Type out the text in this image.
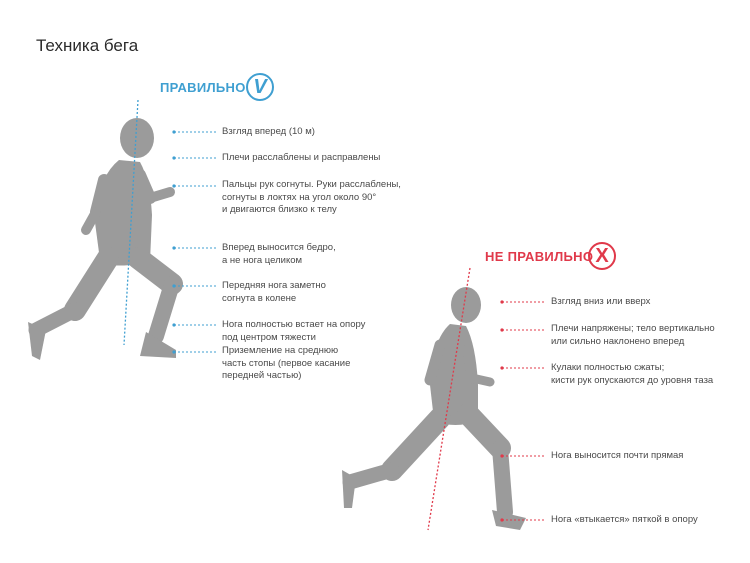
Техника бега
ПРАВИЛЬНО V
НЕ ПРАВИЛЬНО X
Взгляд вперед (10 м)
Плечи расслаблены и расправлены
Пальцы рук согнуты. Руки расслаблены,
согнуты в локтях на угол около 90°
и двигаются близко к телу
Вперед выносится бедро,
а не нога целиком
Передняя нога заметно
согнута в колене
Нога полностью встает на опору
под центром тяжести
Приземление на среднюю
часть стопы (первое касание
передней частью)
Взгляд вниз или вверх
Плечи напряжены; тело вертикально
или сильно наклонено вперед
Кулаки полностью сжаты;
кисти рук опускаются до уровня таза
Нога выносится почти прямая
Нога «втыкается» пяткой в опору
